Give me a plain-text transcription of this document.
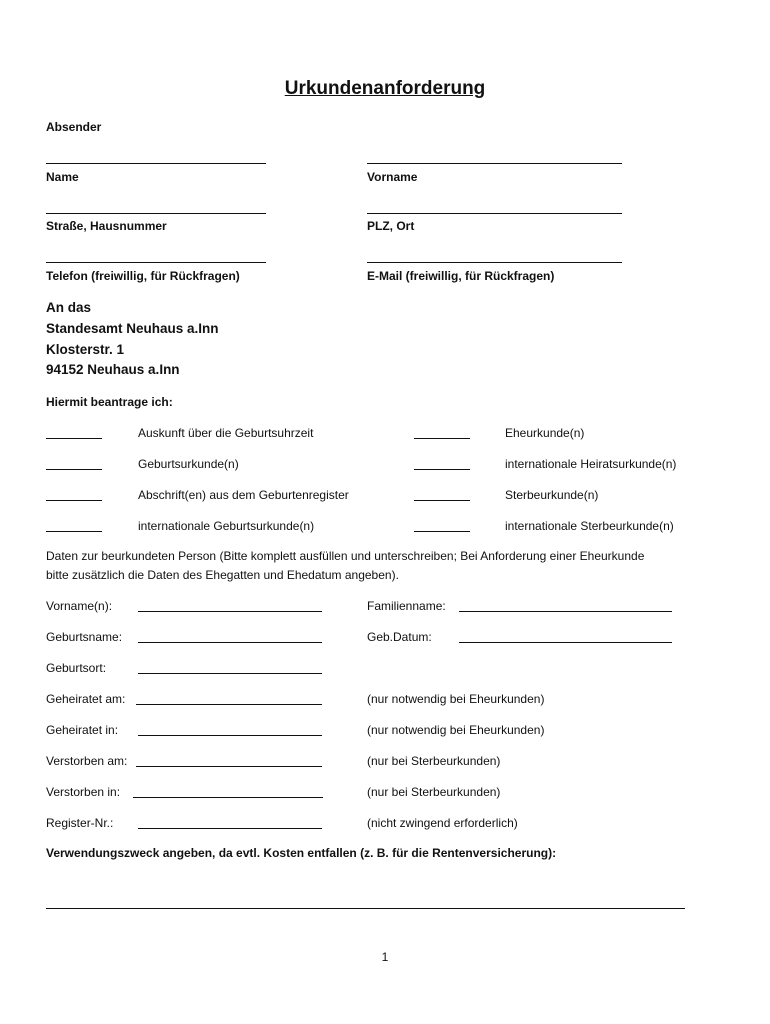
Urkundenanforderung
Absender
Name	Vorname
Straße, Hausnummer	PLZ, Ort
Telefon (freiwillig, für Rückfragen)	E-Mail (freiwillig, für Rückfragen)
An das
Standesamt Neuhaus a.Inn
Klosterstr. 1
94152 Neuhaus a.Inn
Hiermit beantrage ich:
Auskunft über die Geburtsuhrzeit	Eheurkunde(n)
Geburtsurkunde(n)	internationale Heiratsurkunde(n)
Abschrift(en) aus dem Geburtenregister	Sterbeurkunde(n)
internationale Geburtsurkunde(n)	internationale Sterbeurkunde(n)
Daten zur beurkundeten Person (Bitte komplett ausfüllen und unterschreiben; Bei Anforderung einer Eheurkunde
bitte zusätzlich die Daten des Ehegatten und Ehedatum angeben).
Vorname(n):	Familienname:
Geburtsname:	Geb.Datum:
Geburtsort:
Geheiratet am:	(nur notwendig bei Eheurkunden)
Geheiratet in:	(nur notwendig bei Eheurkunden)
Verstorben am:	(nur bei Sterbeurkunden)
Verstorben in:	(nur bei Sterbeurkunden)
Register-Nr.:	(nicht zwingend erforderlich)
Verwendungszweck angeben, da evtl. Kosten entfallen (z. B. für die Rentenversicherung):
1
